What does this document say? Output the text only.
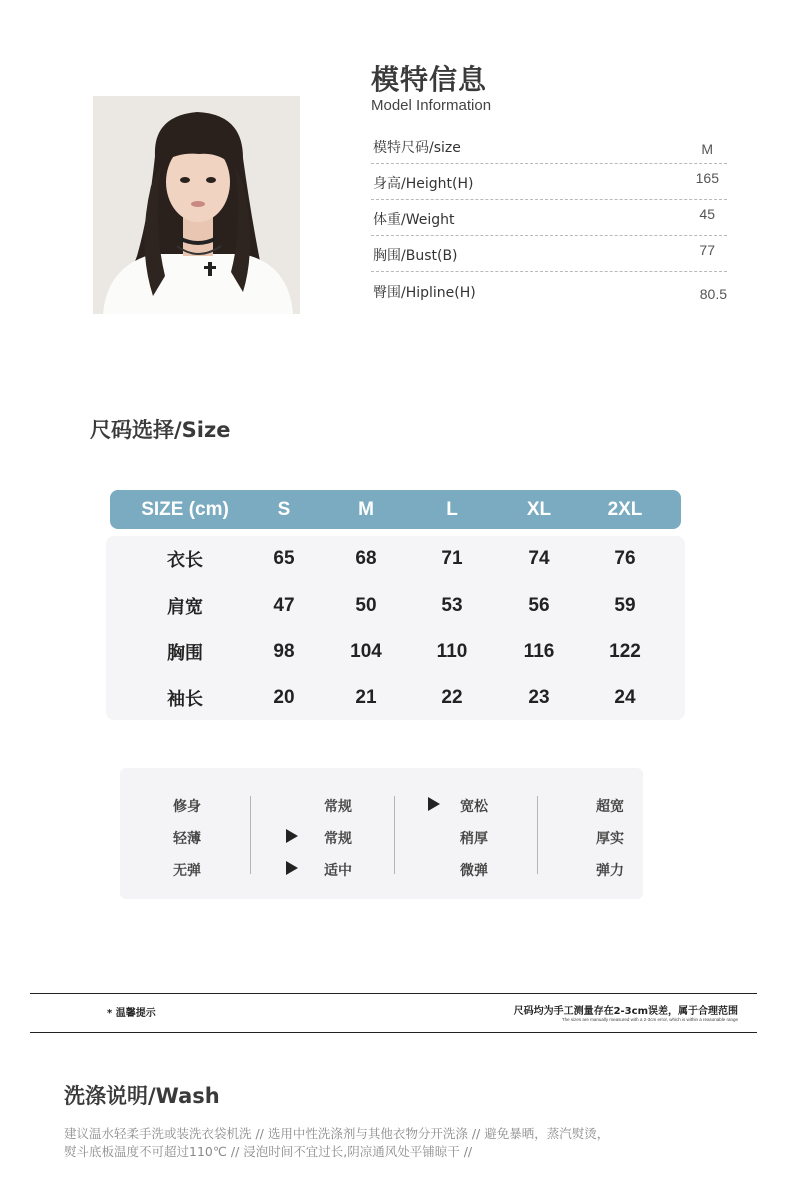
模特信息
Model Information
模特尺码/size	M
身高/Height(H)	165
体重/Weight	45
胸围/Bust(B)	77
臀围/Hipline(H)	80.5
尺码选择/Size
SIZE (cm)	S	M	L	XL	2XL
衣长	65	68	71	74	76
肩宽	47	50	53	56	59
胸围	98	104	110	116	122
袖长	20	21	22	23	24
修身	常规	宽松	超宽
轻薄	常规	稍厚	厚实
无弹	适中	微弹	弹力
* 温馨提示	尺码均为手工测量存在2-3cm误差，属于合理范围
The sizes are manually measured with a 2-3cm error, which is within a reasonable range
洗涤说明/Wash
建议温水轻柔手洗或装洗衣袋机洗 // 选用中性洗涤剂与其他衣物分开洗涤 // 避免暴晒，蒸汽熨烫，
熨斗底板温度不可超过110℃ // 浸泡时间不宜过长,阴凉通风处平铺晾干 //
